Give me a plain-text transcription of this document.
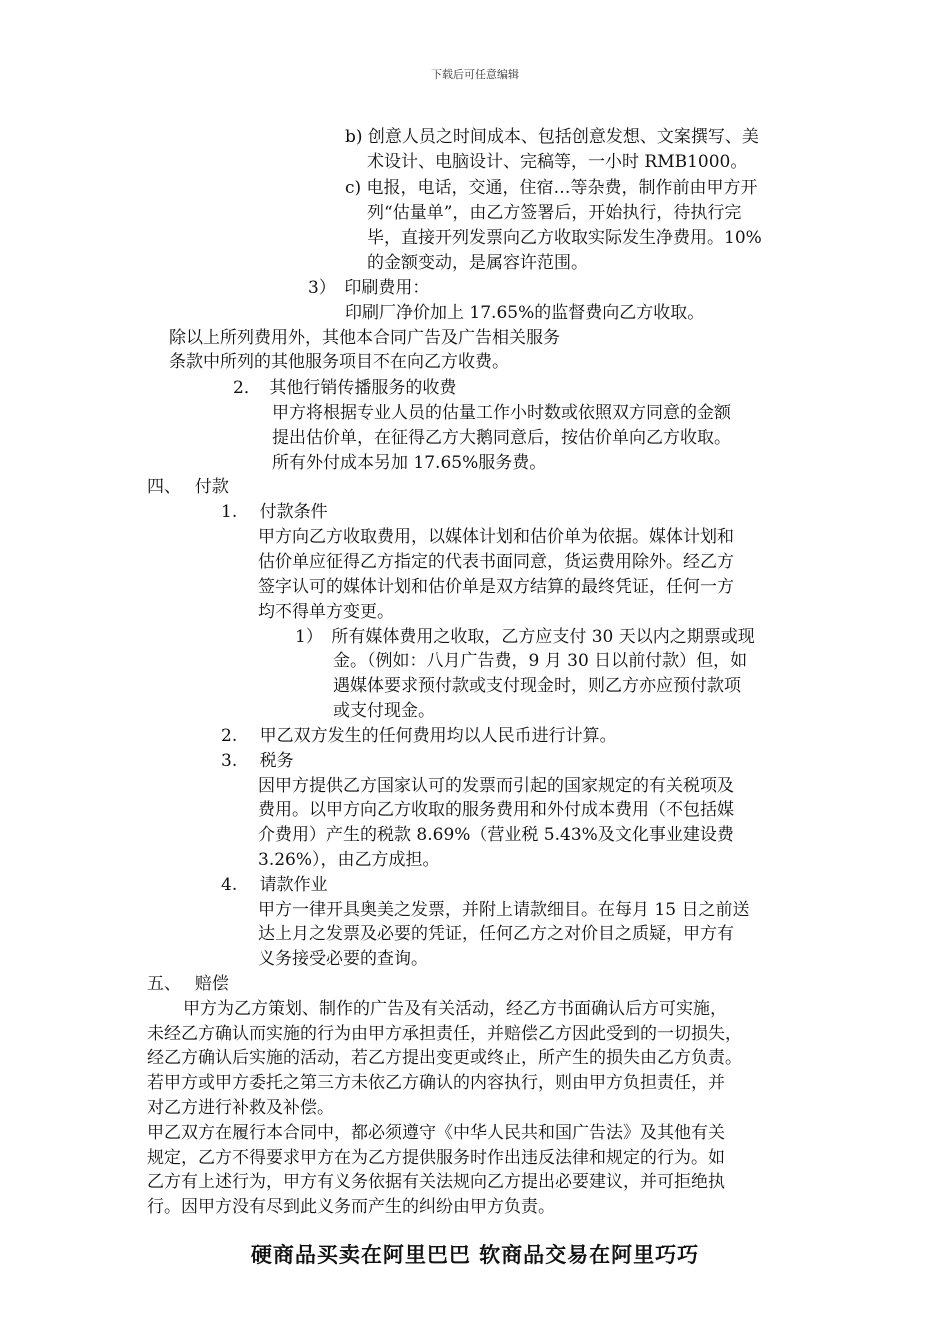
下载后可任意编辑
b) 创意人员之时间成本、包括创意发想、文案撰写、美
术设计、电脑设计、完稿等，一小时 RMB1000。
c) 电报，电话，交通，住宿…等杂费，制作前由甲方开
列“估量单”，由乙方签署后，开始执行，待执行完
毕，直接开列发票向乙方收取实际发生净费用。10%
的金额变动，是属容许范围。
3）　印刷费用：
印刷厂净价加上 17.65%的监督费向乙方收取。
除以上所列费用外，其他本合同广告及广告相关服务
条款中所列的其他服务项目不在向乙方收费。
2．　其他行销传播服务的收费
甲方将根据专业人员的估量工作小时数或依照双方同意的金额
提出估价单，在征得乙方大鹅同意后，按估价单向乙方收取。
所有外付成本另加 17.65%服务费。
四、　 付款
1.　 付款条件
甲方向乙方收取费用，以媒体计划和估价单为依据。媒体计划和
估价单应征得乙方指定的代表书面同意，货运费用除外。经乙方
签字认可的媒体计划和估价单是双方结算的最终凭证，任何一方
均不得单方变更。
1）　所有媒体费用之收取，乙方应支付 30 天以内之期票或现
金。（例如：八月广告费，9 月 30 日以前付款）但，如
遇媒体要求预付款或支付现金时，则乙方亦应预付款项
或支付现金。
2.　 甲乙双方发生的任何费用均以人民币进行计算。
3.　 税务
因甲方提供乙方国家认可的发票而引起的国家规定的有关税项及
费用。以甲方向乙方收取的服务费用和外付成本费用（不包括媒
介费用）产生的税款 8.69%（营业税 5.43%及文化事业建设费
3.26%），由乙方成担。
4.　 请款作业
甲方一律开具奥美之发票，并附上请款细目。在每月 15 日之前送
达上月之发票及必要的凭证，任何乙方之对价目之质疑，甲方有
义务接受必要的查询。
五、　 赔偿
甲方为乙方策划、制作的广告及有关活动，经乙方书面确认后方可实施，
未经乙方确认而实施的行为由甲方承担责任，并赔偿乙方因此受到的一切损失，
经乙方确认后实施的活动，若乙方提出变更或终止，所产生的损失由乙方负责。
若甲方或甲方委托之第三方未依乙方确认的内容执行，则由甲方负担责任，并
对乙方进行补救及补偿。
甲乙双方在履行本合同中，都必须遵守《中华人民共和国广告法》及其他有关
规定，乙方不得要求甲方在为乙方提供服务时作出违反法律和规定的行为。如
乙方有上述行为，甲方有义务依据有关法规向乙方提出必要建议，并可拒绝执
行。因甲方没有尽到此义务而产生的纠纷由甲方负责。
硬商品买卖在阿里巴巴 软商品交易在阿里巧巧
